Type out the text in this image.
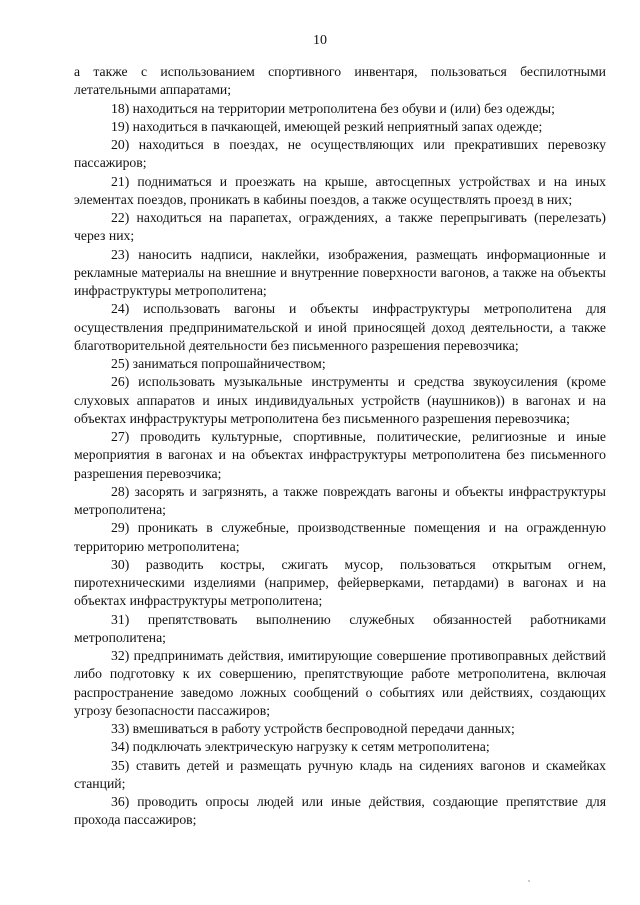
10

а также с использованием спортивного инвентаря, пользоваться беспилотными летательными аппаратами;

18) находиться на территории метрополитена без обуви и (или) без одежды;

19) находиться в пачкающей, имеющей резкий неприятный запах одежде;

20) находиться в поездах, не осуществляющих или прекративших перевозку пассажиров;

21) подниматься и проезжать на крыше, автосцепных устройствах и на иных элементах поездов, проникать в кабины поездов, а также осуществлять проезд в них;

22) находиться на парапетах, ограждениях, а также перепрыгивать (перелезать) через них;

23) наносить надписи, наклейки, изображения, размещать информационные и рекламные материалы на внешние и внутренние поверхности вагонов, а также на объекты инфраструктуры метрополитена;

24) использовать вагоны и объекты инфраструктуры метрополитена для осуществления предпринимательской и иной приносящей доход деятельности, а также благотворительной деятельности без письменного разрешения перевозчика;

25) заниматься попрошайничеством;

26) использовать музыкальные инструменты и средства звукоусиления (кроме слуховых аппаратов и иных индивидуальных устройств (наушников)) в вагонах и на объектах инфраструктуры метрополитена без письменного разрешения перевозчика;

27) проводить культурные, спортивные, политические, религиозные и иные мероприятия в вагонах и на объектах инфраструктуры метрополитена без письменного разрешения перевозчика;

28) засорять и загрязнять, а также повреждать вагоны и объекты инфраструктуры метрополитена;

29) проникать в служебные, производственные помещения и на огражденную территорию метрополитена;

30) разводить костры, сжигать мусор, пользоваться открытым огнем, пиротехническими изделиями (например, фейерверками, петардами) в вагонах и на объектах инфраструктуры метрополитена;

31) препятствовать выполнению служебных обязанностей работниками метрополитена;

32) предпринимать действия, имитирующие совершение противоправных действий либо подготовку к их совершению, препятствующие работе метрополитена, включая распространение заведомо ложных сообщений о событиях или действиях, создающих угрозу безопасности пассажиров;

33) вмешиваться в работу устройств беспроводной передачи данных;

34) подключать электрическую нагрузку к сетям метрополитена;

35) ставить детей и размещать ручную кладь на сидениях вагонов и скамейках станций;

36) проводить опросы людей или иные действия, создающие препятствие для прохода пассажиров;
